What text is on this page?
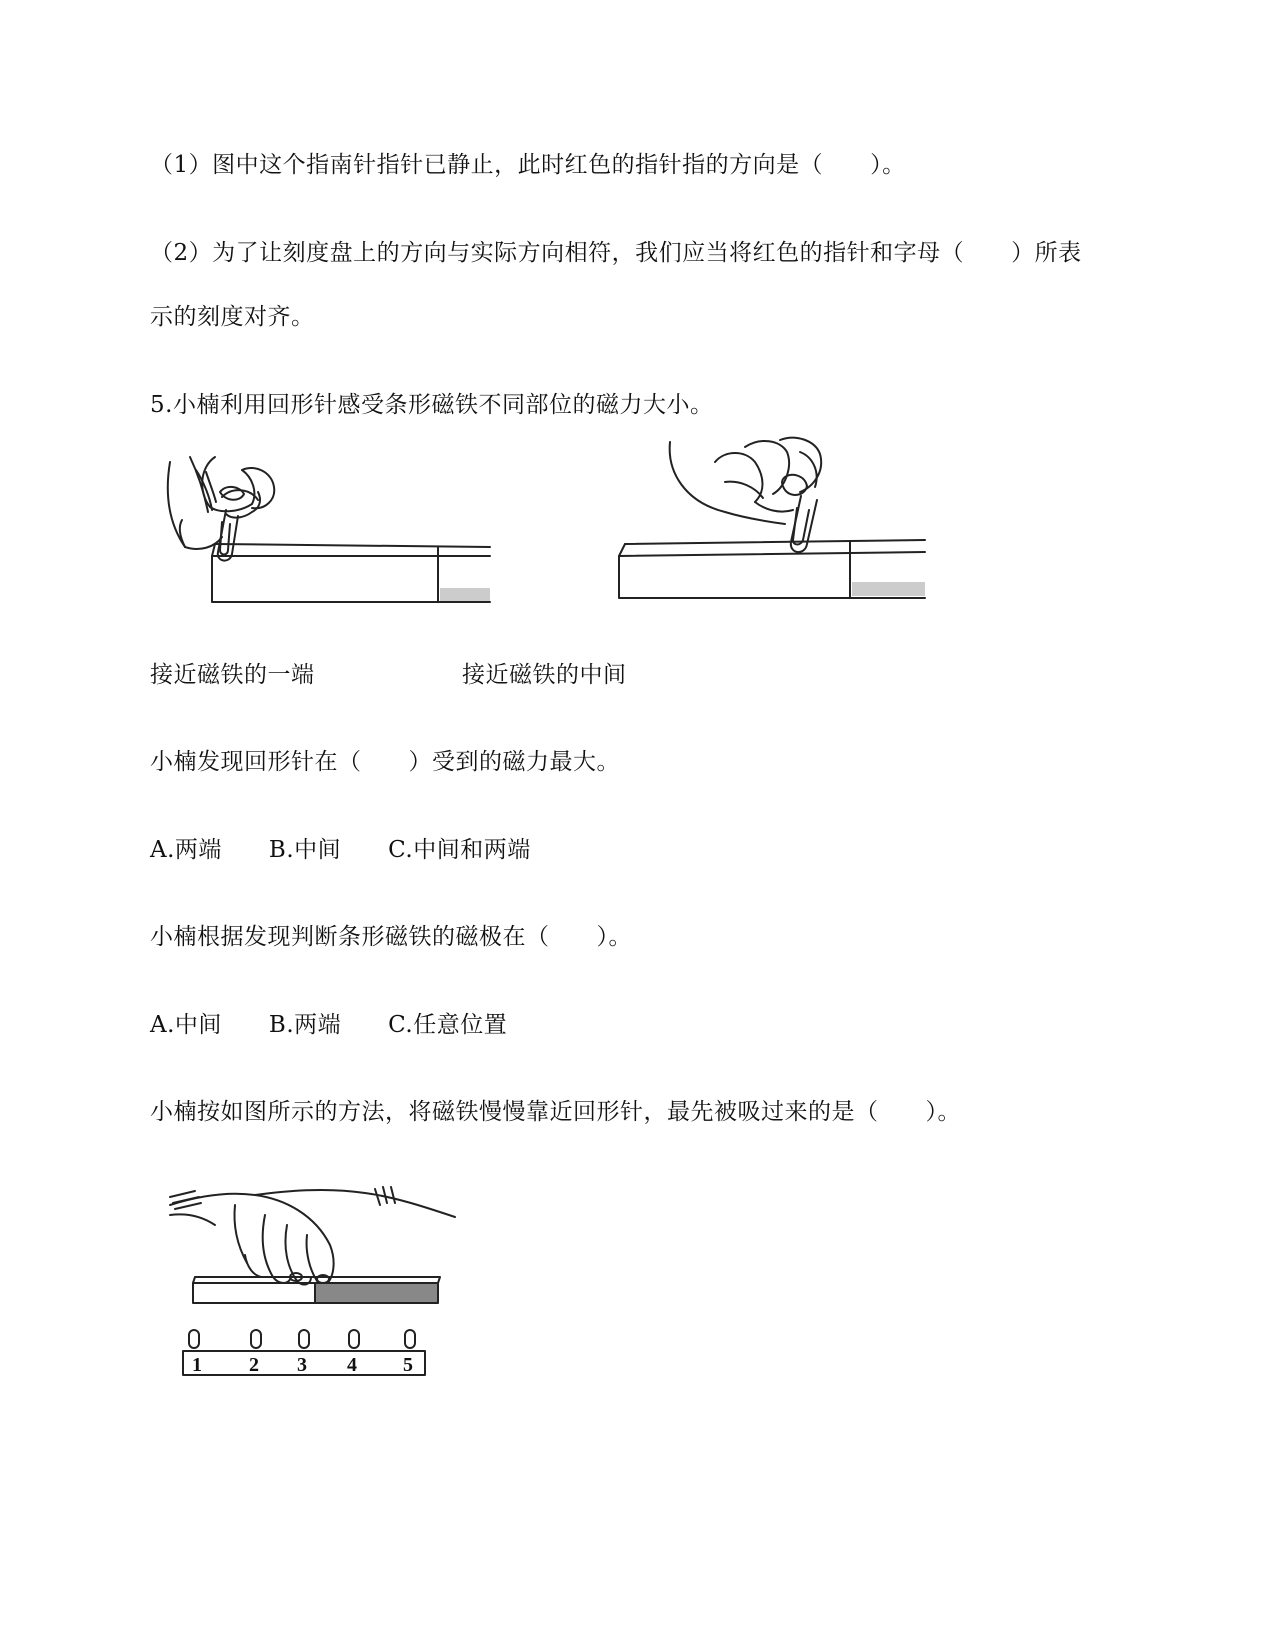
（1）图中这个指南针指针已静止，此时红色的指针指的方向是（　　）。
（2）为了让刻度盘上的方向与实际方向相符，我们应当将红色的指针和字母（　　）所表
示的刻度对齐。
5.小楠利用回形针感受条形磁铁不同部位的磁力大小。
接近磁铁的一端	接近磁铁的中间
小楠发现回形针在（　　）受到的磁力最大。
A.两端　　B.中间　　C.中间和两端
小楠根据发现判断条形磁铁的磁极在（　　）。
A.中间　　B.两端　　C.任意位置
小楠按如图所示的方法，将磁铁慢慢靠近回形针，最先被吸过来的是（　　）。
1 2 3 4 5
